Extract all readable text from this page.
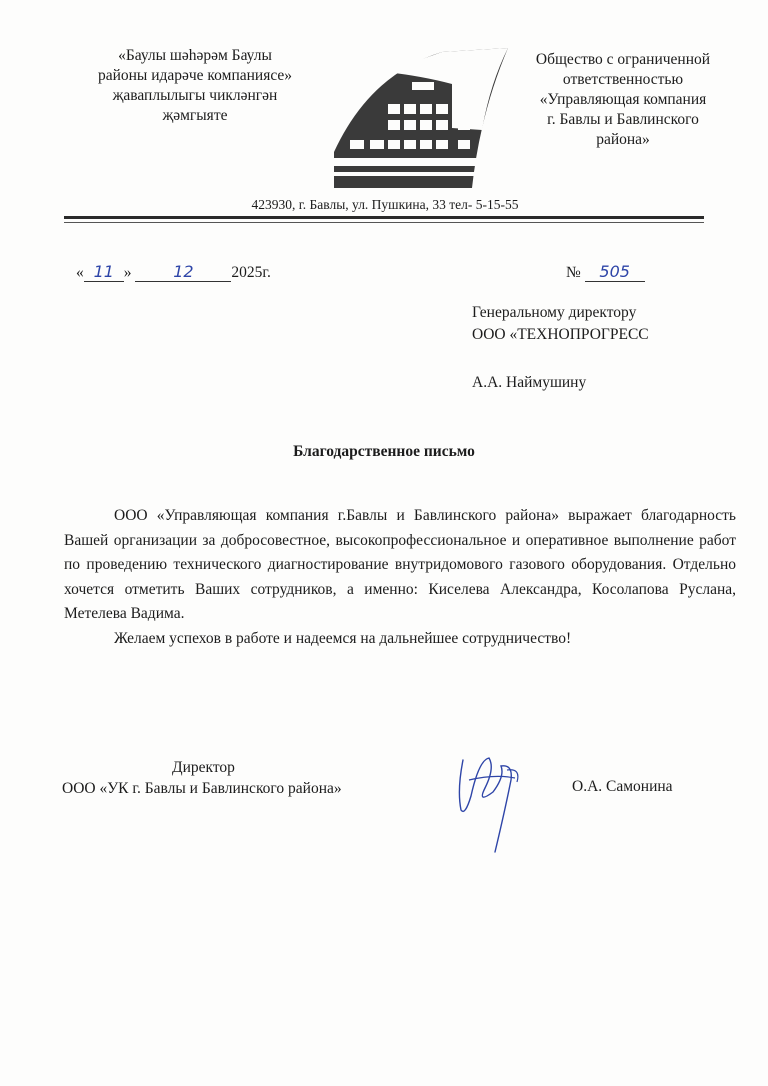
«Баулы шәһәрәм Баулы
районы идарәче компаниясе»
җаваплылыгы чикләнгән
җәмгыяте
Общество с ограниченной
ответственностью
«Управляющая компания
г. Бавлы и Бавлинского
района»
423930, г. Бавлы, ул. Пушкина, 33 тел- 5-15-55
« 11 »	12 2025г.	№ 505
Генеральному директору
ООО «ТЕХНОПРОГРЕСС
А.А. Наймушину
Благодарственное письмо

ООО «Управляющая компания г.Бавлы и Бавлинского района» выражает благодарность Вашей организации за добросовестное, высокопрофессиональное и оперативное выполнение работ по проведению технического диагностирование внутридомового газового оборудования. Отдельно хочется отметить Ваших сотрудников, а именно: Киселева Александра, Косолапова Руслана, Метелева Вадима.

Желаем успехов в работе и надеемся на дальнейшее сотрудничество!

Директор
ООО «УК г. Бавлы и Бавлинского района»	О.А. Самонина
